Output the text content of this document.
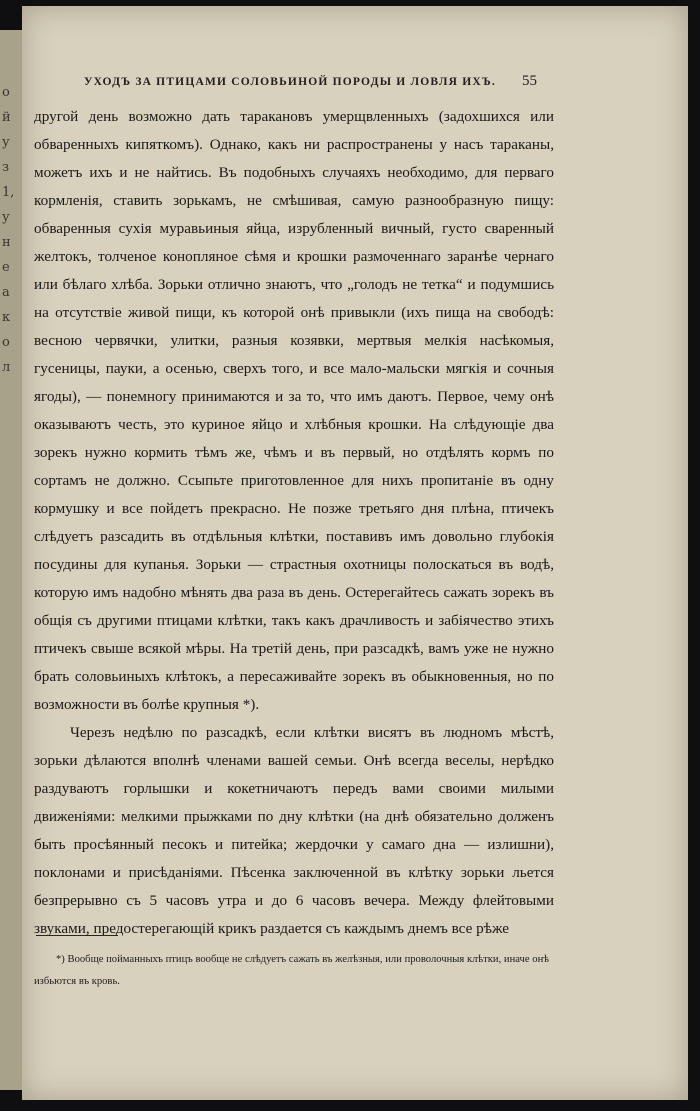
о
й
у
з
1,
у
н
е
а
к
о
л
УХОДЪ ЗА ПТИЦАМИ СОЛОВЬИНОЙ ПОРОДЫ И ЛОВЛЯ ИХЪ.	55

другой день возможно дать таракановъ умерщвленныхъ (задохшихся или обваренныхъ кипяткомъ). Однако, какъ ни распространены у насъ тараканы, можетъ ихъ и не найтись. Въ подобныхъ случаяхъ необходимо, для перваго кормленія, ставить зорькамъ, не смѣшивая, самую разнообразную пищу: обваренныя сухія муравьиныя яйца, изрубленный вичный, густо сваренный желтокъ, толченое конопляное сѣмя и крошки размоченнаго заранѣе чернаго или бѣлаго хлѣба. Зорьки отлично знаютъ, что „голодъ не тетка“ и подумшись на отсутствіе живой пищи, къ которой онѣ привыкли (ихъ пища на свободѣ: весною червячки, улитки, разныя козявки, мертвыя мелкія насѣкомыя, гусеницы, пауки, а осенью, сверхъ того, и все мало-мальски мягкія и сочныя ягоды), — понемногу принимаются и за то, что имъ даютъ. Первое, чему онѣ оказываютъ честь, это куриное яйцо и хлѣбныя крошки. На слѣдующіе два зорекъ нужно кормить тѣмъ же, чѣмъ и въ первый, но отдѣлять кормъ по сортамъ не должно. Ссыпьте приготовленное для нихъ пропитаніе въ одну кормушку и все пойдетъ прекрасно. Не позже третьяго дня плѣна, птичекъ слѣдуетъ разсадить въ отдѣльныя клѣтки, поставивъ имъ довольно глубокія посудины для купанья. Зорьки — страстныя охотницы полоскаться въ водѣ, которую имъ надобно мѣнять два раза въ день. Остерегайтесь сажать зорекъ въ общія съ другими птицами клѣтки, такъ какъ драчливость и забіячество этихъ птичекъ свыше всякой мѣры. На третій день, при разсадкѣ, вамъ уже не нужно брать соловьиныхъ клѣтокъ, а пересаживайте зорекъ въ обыкновенныя, но по возможности въ болѣе крупныя *).

Черезъ недѣлю по разсадкѣ, если клѣтки висятъ въ людномъ мѣстѣ, зорьки дѣлаются вполнѣ членами вашей семьи. Онѣ всегда веселы, нерѣдко раздуваютъ горлышки и кокетничаютъ передъ вами своими милыми движеніями: мелкими прыжками по дну клѣтки (на днѣ обязательно долженъ быть просѣянный песокъ и питейка; жердочки у самаго дна — излишни), поклонами и присѣданіями. Пѣсенка заключенной въ клѣтку зорьки льется безпрерывно съ 5 часовъ утра и до 6 часовъ вечера. Между флейтовыми звуками, предостерегающій крикъ раздается съ каждымъ днемъ все рѣже

*) Вообще пойманныхъ птицъ вообще не слѣдуетъ сажать въ желѣзныя, или проволочныя клѣтки, иначе онѣ избьются въ кровь.
